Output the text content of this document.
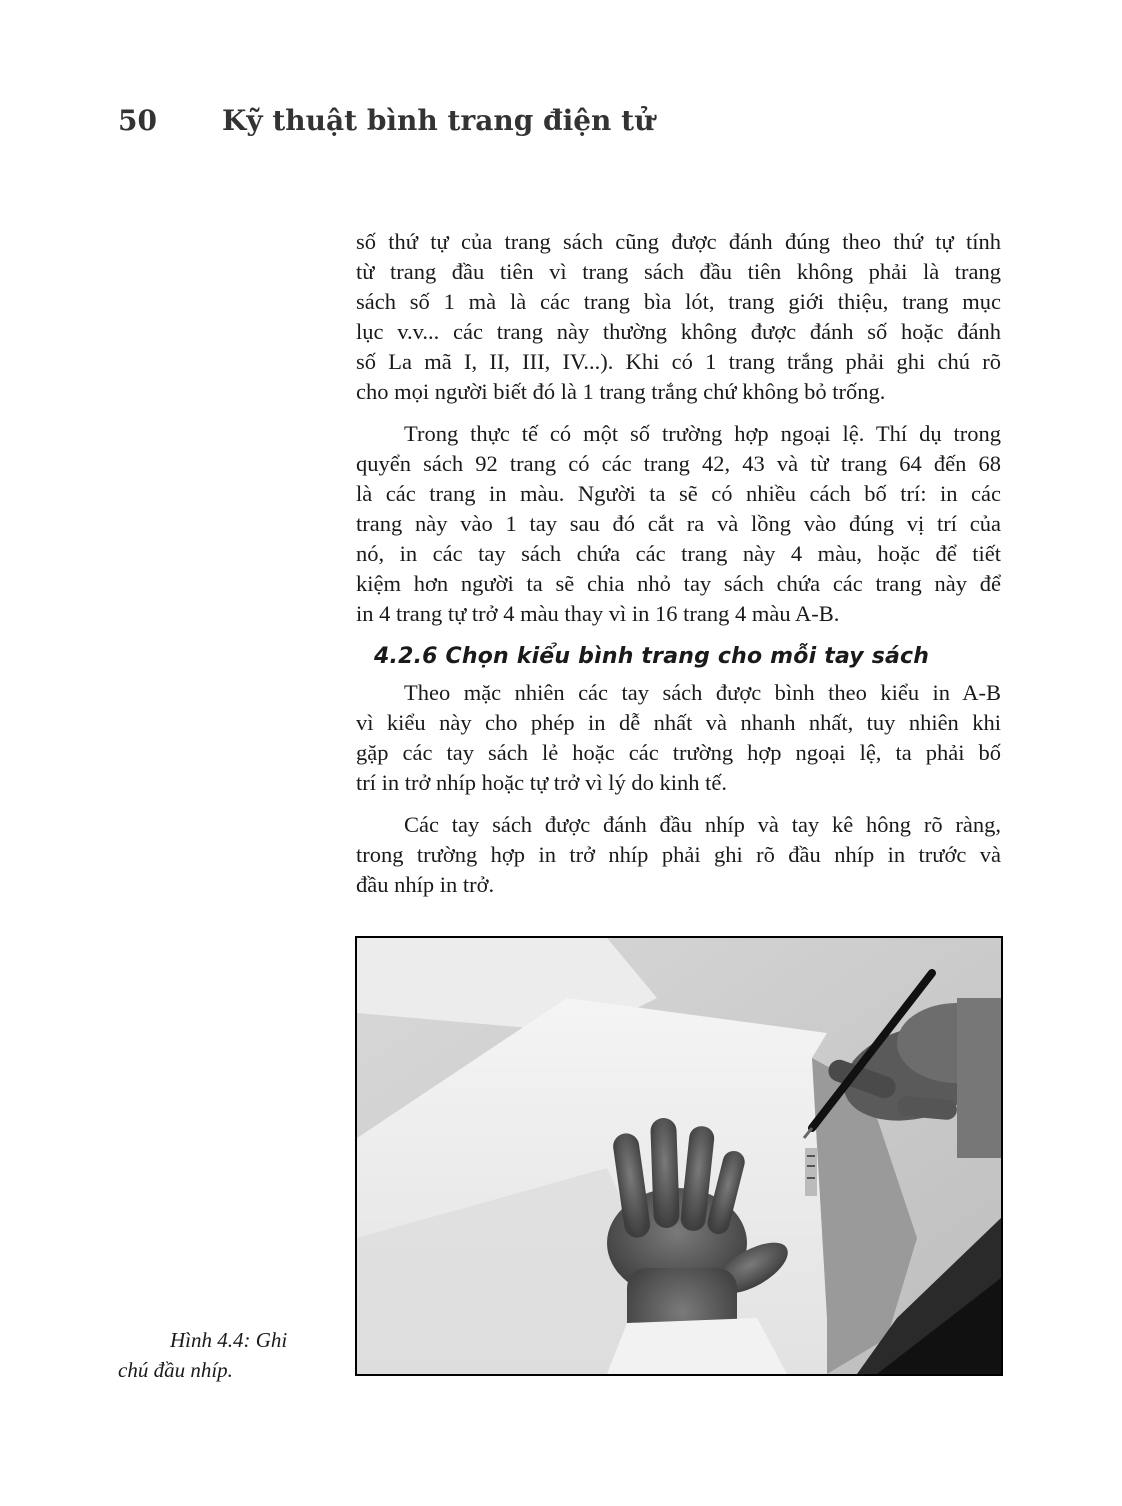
50 Kỹ thuật bình trang điện tử
số thứ tự của trang sách cũng được đánh đúng theo thứ tự tính
từ trang đầu tiên vì trang sách đầu tiên không phải là trang
sách số 1 mà là các trang bìa lót, trang giới thiệu, trang mục
lục v.v... các trang này thường không được đánh số hoặc đánh
số La mã I, II, III, IV...). Khi có 1 trang trắng phải ghi chú rõ
cho mọi người biết đó là 1 trang trắng chứ không bỏ trống.
Trong thực tế có một số trường hợp ngoại lệ. Thí dụ trong
quyển sách 92 trang có các trang 42, 43 và từ trang 64 đến 68
là các trang in màu. Người ta sẽ có nhiều cách bố trí: in các
trang này vào 1 tay sau đó cắt ra và lồng vào đúng vị trí của
nó, in các tay sách chứa các trang này 4 màu, hoặc để tiết
kiệm hơn người ta sẽ chia nhỏ tay sách chứa các trang này để
in 4 trang tự trở 4 màu thay vì in 16 trang 4 màu A-B.
4.2.6 Chọn kiểu bình trang cho mỗi tay sách
Theo mặc nhiên các tay sách được bình theo kiểu in A-B
vì kiểu này cho phép in dễ nhất và nhanh nhất, tuy nhiên khi
gặp các tay sách lẻ hoặc các trường hợp ngoại lệ, ta phải bố
trí in trở nhíp hoặc tự trở vì lý do kinh tế.
Các tay sách được đánh đầu nhíp và tay kê hông rõ ràng,
trong trường hợp in trở nhíp phải ghi rõ đầu nhíp in trước và
đầu nhíp in trở.
Hình 4.4: Ghi
chú đầu nhíp.
